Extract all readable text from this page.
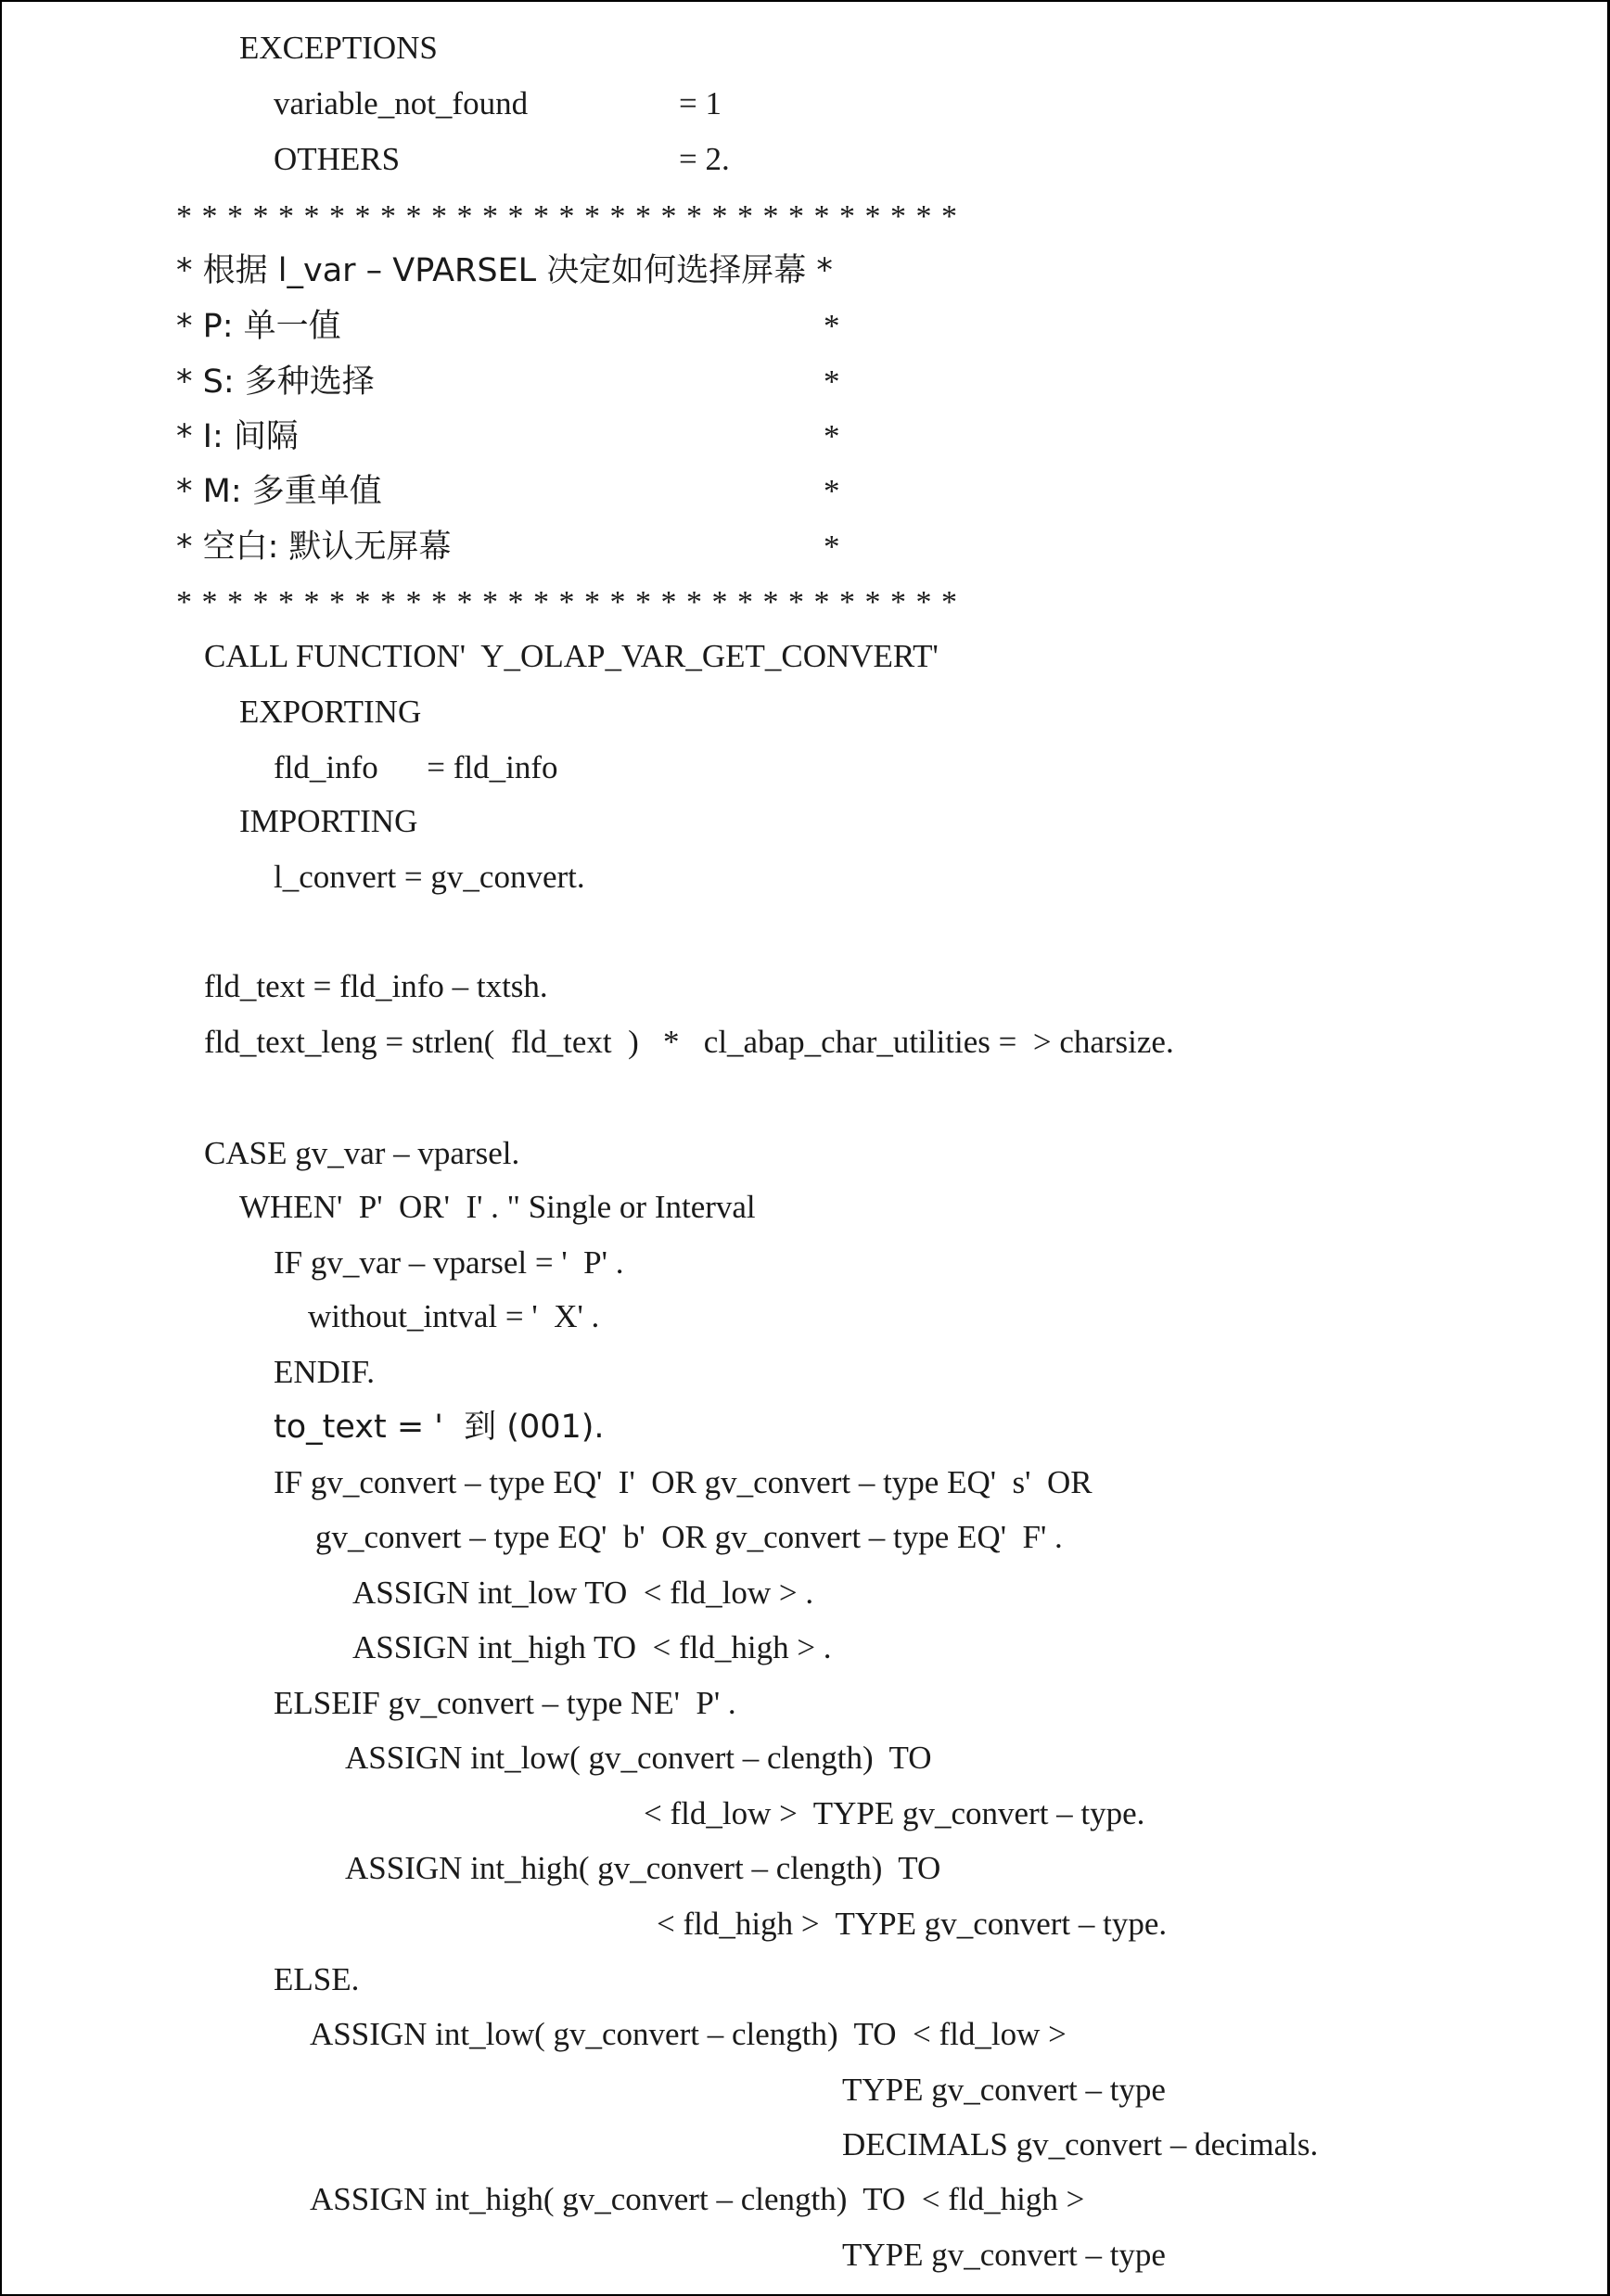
EXCEPTIONS
variable_not_found	= 1
OTHERS	= 2.
* * * * * * * * * * * * * * * * * * * * * * * * * * * * * * *
* 根据 l_var – VPARSEL 决定如何选择屏幕 *
* P: 单一值	*
* S: 多种选择	*
* I: 间隔	*
* M: 多重单值	*
* 空白: 默认无屏幕	*
* * * * * * * * * * * * * * * * * * * * * * * * * * * * * * *
CALL FUNCTION'  Y_OLAP_VAR_GET_CONVERT'
EXPORTING
fld_info      = fld_info
IMPORTING
l_convert = gv_convert.
fld_text = fld_info – txtsh.
fld_text_leng = strlen(  fld_text  )   *   cl_abap_char_utilities =  > charsize.
CASE gv_var – vparsel.
WHEN'  P'  OR'  I' . " Single or Interval
IF gv_var – vparsel = '  P' .
without_intval = '  X' .
ENDIF.
to_text = '  到 (001).
IF gv_convert – type EQ'  I'  OR gv_convert – type EQ'  s'  OR
gv_convert – type EQ'  b'  OR gv_convert – type EQ'  F' .
ASSIGN int_low TO  < fld_low > .
ASSIGN int_high TO  < fld_high > .
ELSEIF gv_convert – type NE'  P' .
ASSIGN int_low( gv_convert – clength)  TO
< fld_low >  TYPE gv_convert – type.
ASSIGN int_high( gv_convert – clength)  TO
< fld_high >  TYPE gv_convert – type.
ELSE.
ASSIGN int_low( gv_convert – clength)  TO  < fld_low >
TYPE gv_convert – type
DECIMALS gv_convert – decimals.
ASSIGN int_high( gv_convert – clength)  TO  < fld_high >
TYPE gv_convert – type
